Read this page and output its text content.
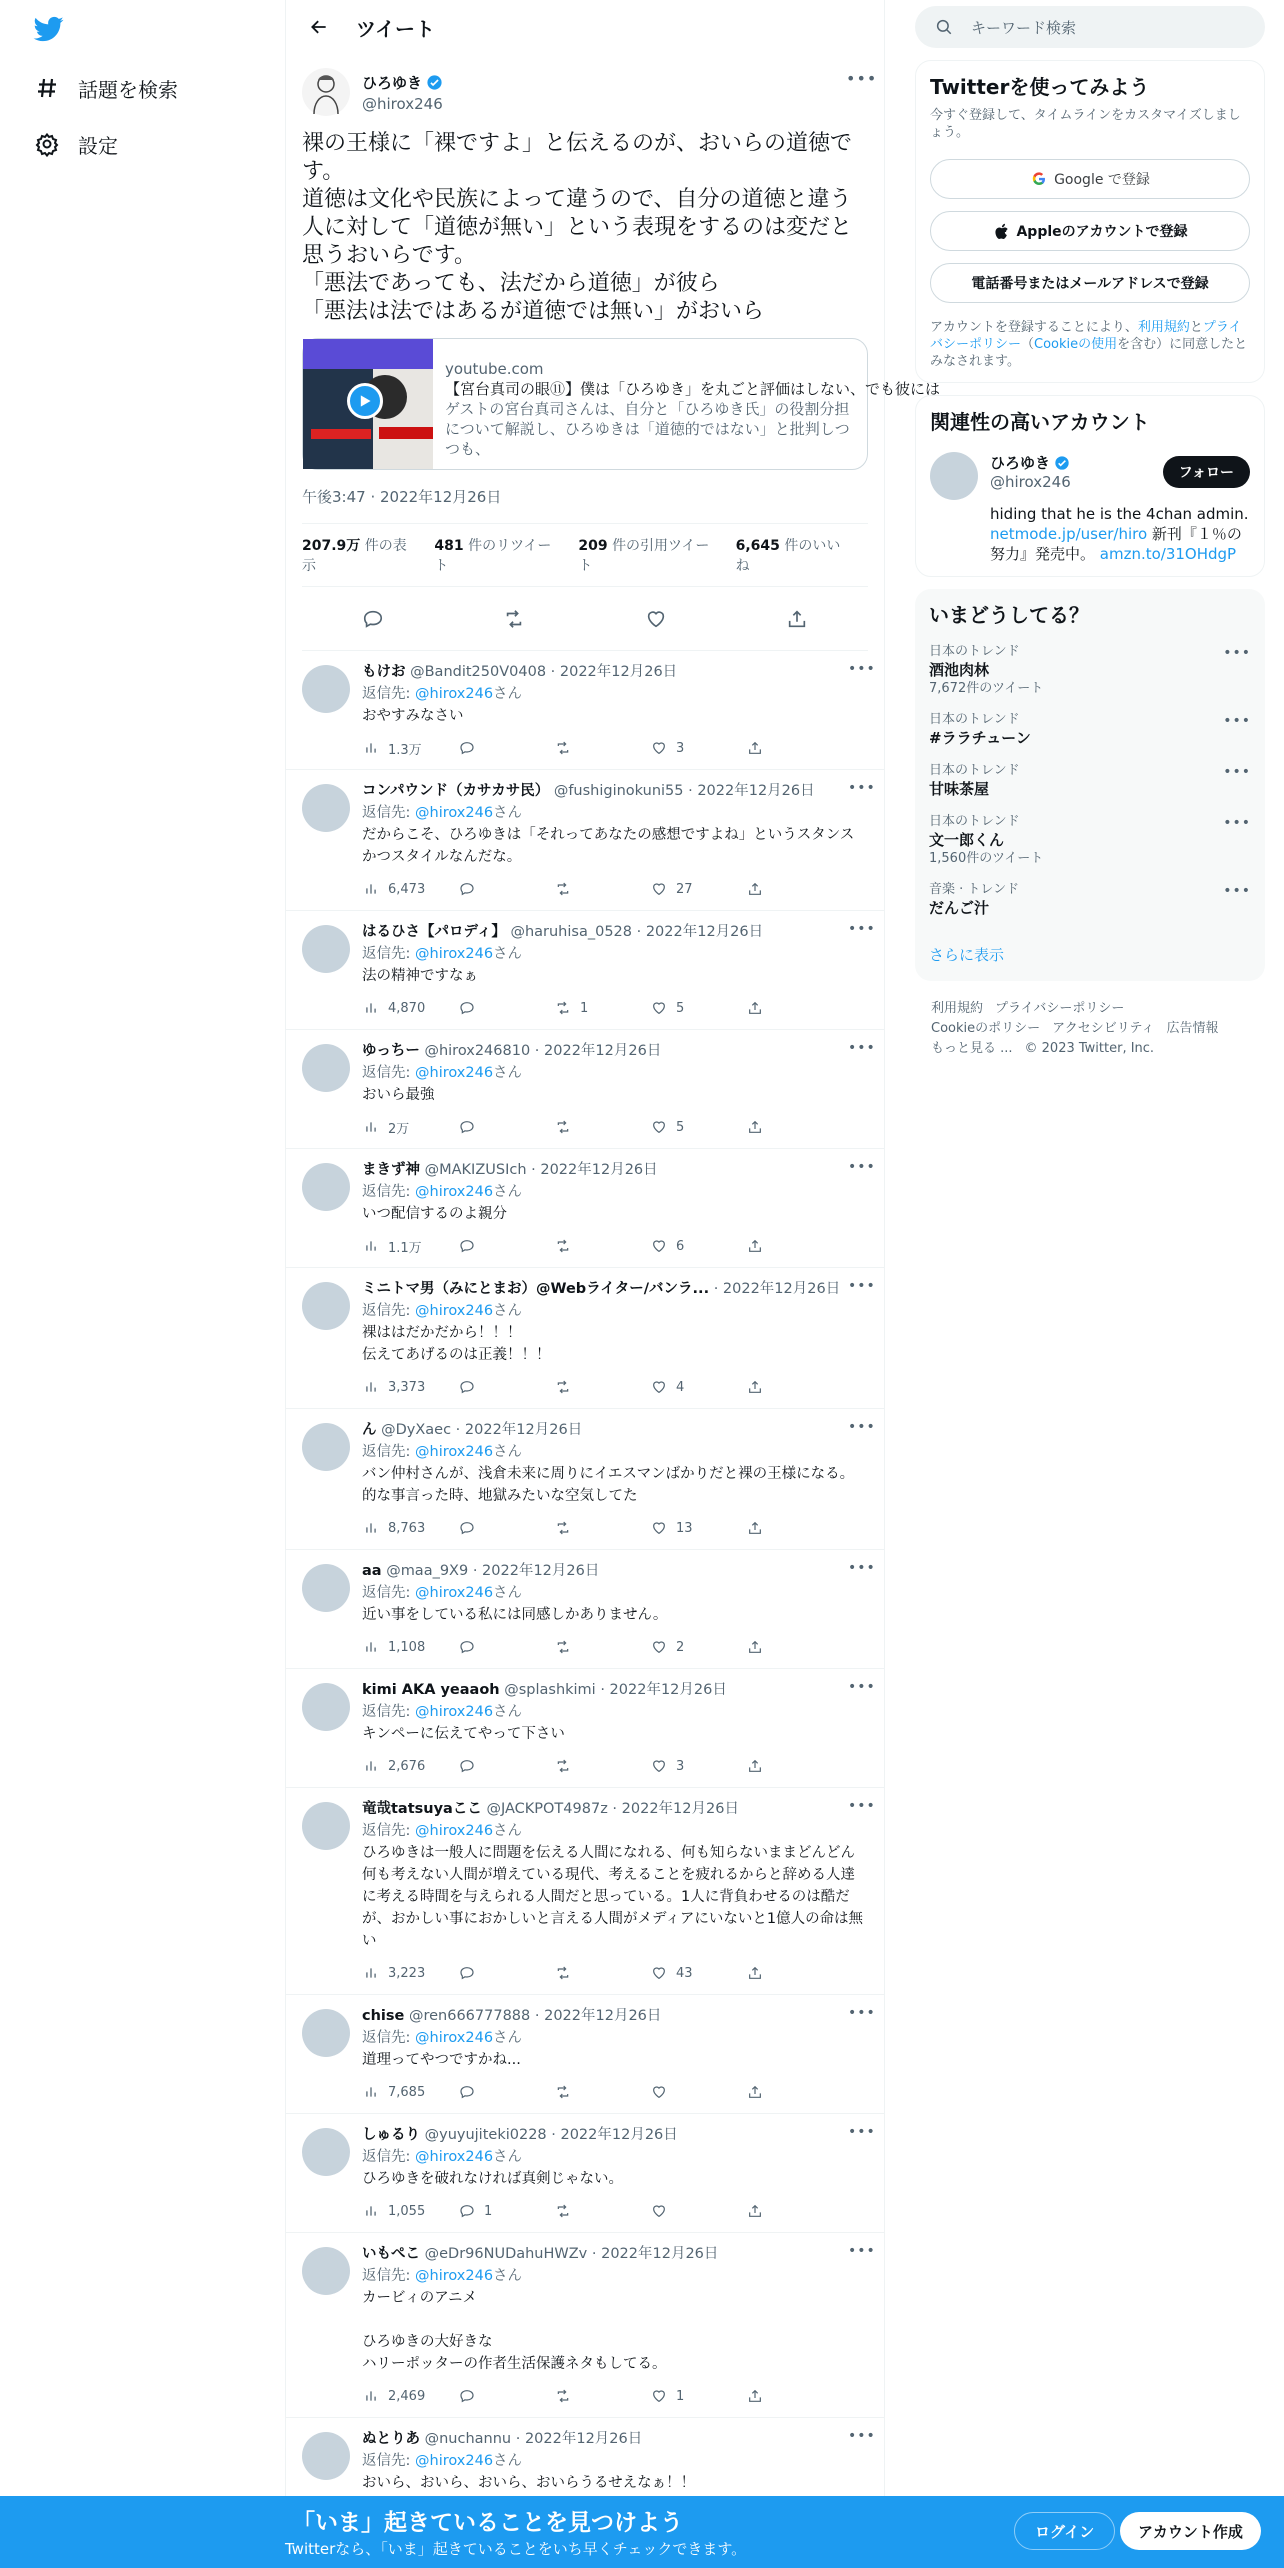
話題を検索
設定
ツイート
ひろゆき
@hirox246
•••
裸の王様に「裸ですよ」と伝えるのが、おいらの道徳です。
道徳は文化や民族によって違うので、自分の道徳と違う人に対して「道徳が無い」という表現をするのは変だと思うおいらです。
「悪法であっても、法だから道徳」が彼ら
「悪法は法ではあるが道徳では無い」がおいら
youtube.com
【宮台真司の眼⑪】僕は「ひろゆき」を丸ごと評価はしない、でも彼には
ゲストの宮台真司さんは、自分と「ひろゆき氏」の役割分担について解説し、ひろゆきは「道徳的ではない」と批判しつつも、
午後3:47 · 2022年12月26日
207.9万 件の表示
481 件のリツイート
209 件の引用ツイート
6,645 件のいいね
もけお @Bandit250V0408 · 2022年12月26日
返信先: @hirox246さん
おやすみなさい
1.3万	3
•••
コンパウンド（カサカサ民） @fushiginokuni55 · 2022年12月26日
返信先: @hirox246さん
だからこそ、ひろゆきは「それってあなたの感想ですよね」というスタンスかつスタイルなんだな。
6,473	27
•••
はるひさ【パロディ】 @haruhisa_0528 · 2022年12月26日
返信先: @hirox246さん
法の精神ですなぁ
4,870	1	5
•••
ゆっちー @hirox246810 · 2022年12月26日
返信先: @hirox246さん
おいら最強
2万	5
•••
まきず神 @MAKIZUSIch · 2022年12月26日
返信先: @hirox246さん
いつ配信するのよ親分
1.1万	6
•••
ミニトマ男（みにとまお）@Webライター/バンラ... · 2022年12月26日
返信先: @hirox246さん
裸ははだかだから！！！
伝えてあげるのは正義！！！
3,373	4
•••
ん @DyXaec · 2022年12月26日
返信先: @hirox246さん
バン仲村さんが、浅倉未来に周りにイエスマンばかりだと裸の王様になる。的な事言った時、地獄みたいな空気してた
8,763	13
•••
aa @maa_9X9 · 2022年12月26日
返信先: @hirox246さん
近い事をしている私には同感しかありません。
1,108	2
•••
kimi AKA yeaaoh @splashkimi · 2022年12月26日
返信先: @hirox246さん
キンペーに伝えてやって下さい
2,676	3
•••
竜哉tatsuyaここ @JACKPOT4987z · 2022年12月26日
返信先: @hirox246さん
ひろゆきは一般人に問題を伝える人間になれる、何も知らないままどんどん何も考えない人間が増えている現代、考えることを疲れるからと辞める人達に考える時間を与えられる人間だと思っている。1人に背負わせるのは酷だが、おかしい事におかしいと言える人間がメディアにいないと1億人の命は無い
3,223	43
•••
chise @ren666777888 · 2022年12月26日
返信先: @hirox246さん
道理ってやつですかね...
7,685
•••
しゅるり @yuyujiteki0228 · 2022年12月26日
返信先: @hirox246さん
ひろゆきを破れなければ真剣じゃない。
1,055	1
•••
いもぺこ @eDr96NUDahuHWZv · 2022年12月26日
返信先: @hirox246さん
カービィのアニメ

ひろゆきの大好きな
ハリーポッターの作者生活保護ネタもしてる。
2,469	1
•••
ぬとりあ @nuchannu · 2022年12月26日
返信先: @hirox246さん
おいら、おいら、おいら、おいらうるせえなぁ！！

•••
キーワード検索
Twitterを使ってみよう
今すぐ登録して、タイムラインをカスタマイズしましょう。
Google で登録
Appleのアカウントで登録
電話番号またはメールアドレスで登録
アカウントを登録することにより、利用規約とプライバシーポリシー（Cookieの使用を含む）に同意したとみなされます。
関連性の高いアカウント
ひろゆき
@hirox246	フォロー
hiding that he is the 4chan admin.
netmode.jp/user/hiro 新刊『１％の努力』発売中。 amzn.to/31OHdgP
いまどうしてる？
日本のトレンド
酒池肉林
7,672件のツイート
•••
日本のトレンド
#ララチューン
•••
日本のトレンド
甘味茶屋
•••
日本のトレンド
文一郎くん
1,560件のツイート
•••
音楽 · トレンド
だんご汁
•••
さらに表示
利用規約 プライバシーポリシー
Cookieのポリシー アクセシビリティ 広告情報
もっと見る ... © 2023 Twitter, Inc.
「いま」起きていることを見つけよう
Twitterなら、「いま」起きていることをいち早くチェックできます。
ログイン	アカウント作成
